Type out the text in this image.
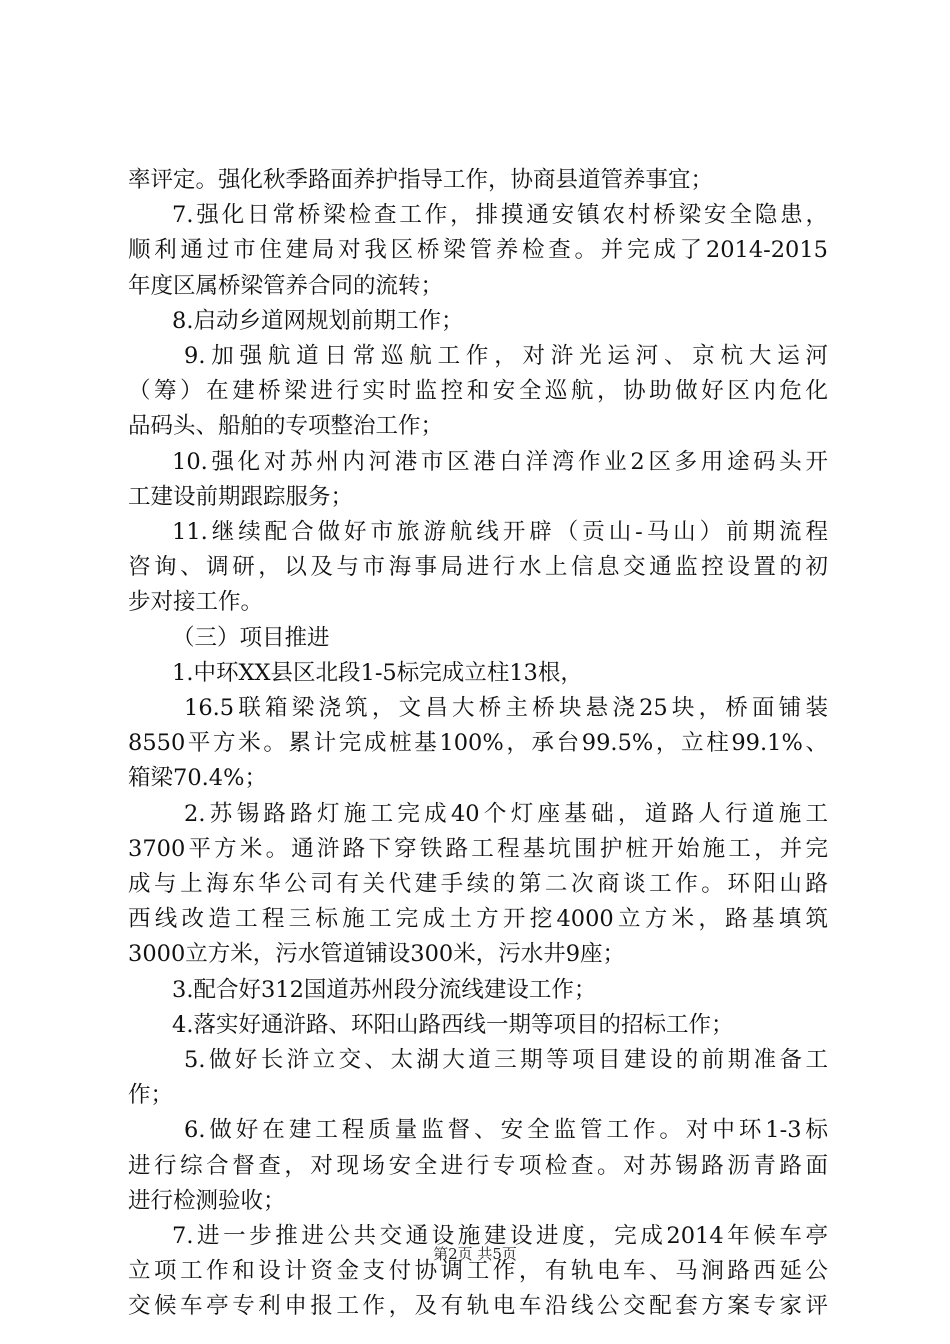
率评定。强化秋季路面养护指导工作，协商县道管养事宜；
7.强化日常桥梁检查工作，排摸通安镇农村桥梁安全隐患，
顺利通过市住建局对我区桥梁管养检查。并完成了2014-2015
年度区属桥梁管养合同的流转；
8.启动乡道网规划前期工作；
9.加强航道日常巡航工作，对浒光运河、京杭大运河
（筹）在建桥梁进行实时监控和安全巡航，协助做好区内危化
品码头、船舶的专项整治工作；
10.强化对苏州内河港市区港白洋湾作业2区多用途码头开
工建设前期跟踪服务；
11.继续配合做好市旅游航线开辟（贡山-马山）前期流程
咨询、调研，以及与市海事局进行水上信息交通监控设置的初
步对接工作。
（三）项目推进
1.中环XX县区北段1-5标完成立柱13根，
16.5联箱梁浇筑，文昌大桥主桥块悬浇25块，桥面铺装
8550平方米。累计完成桩基100%，承台99.5%，立柱99.1%、
箱梁70.4%；
2.苏锡路路灯施工完成40个灯座基础，道路人行道施工
3700平方米。通浒路下穿铁路工程基坑围护桩开始施工，并完
成与上海东华公司有关代建手续的第二次商谈工作。环阳山路
西线改造工程三标施工完成土方开挖4000立方米，路基填筑
3000立方米，污水管道铺设300米，污水井9座；
3.配合好312国道苏州段分流线建设工作；
4.落实好通浒路、环阳山路西线一期等项目的招标工作；
5.做好长浒立交、太湖大道三期等项目建设的前期准备工
作；
6.做好在建工程质量监督、安全监管工作。对中环1-3标
进行综合督查，对现场安全进行专项检查。对苏锡路沥青路面
进行检测验收；
7.进一步推进公共交通设施建设进度，完成2014年候车亭
立项工作和设计资金支付协调工作，有轨电车、马涧路西延公
交候车亭专利申报工作，及有轨电车沿线公交配套方案专家评
第2页 共5页
